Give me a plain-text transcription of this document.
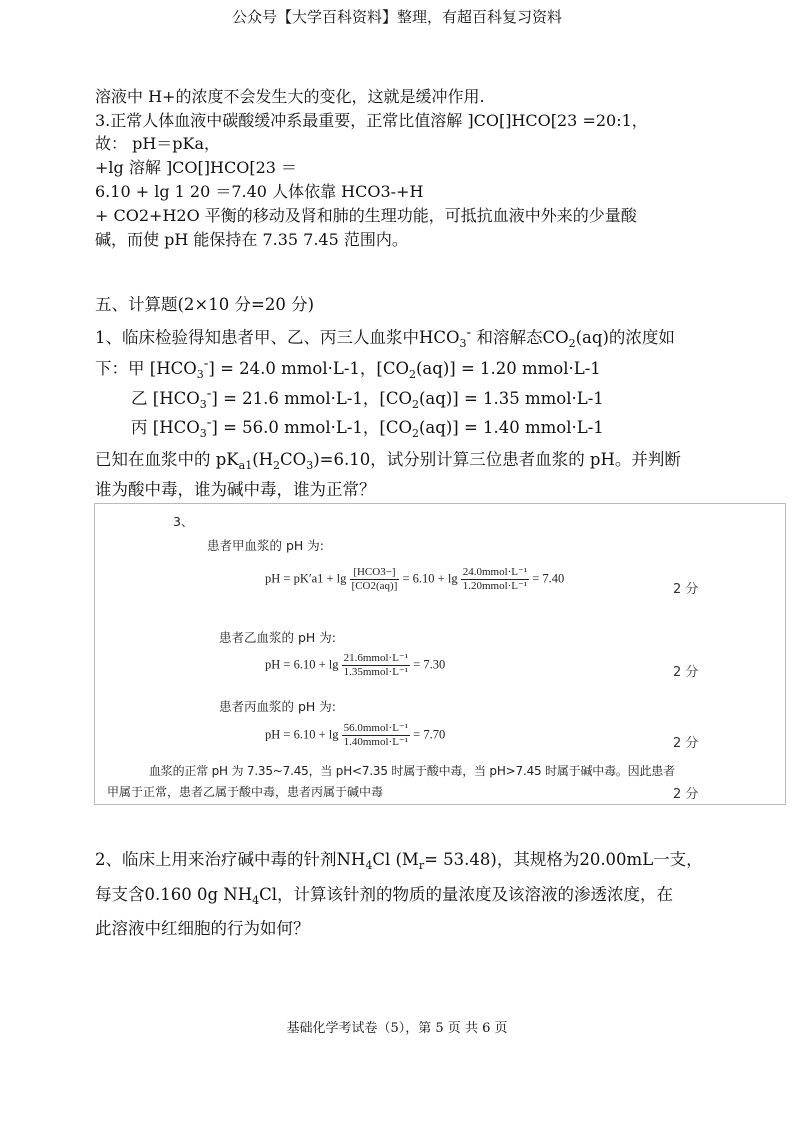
公众号【大学百科资料】整理，有超百科复习资料
溶液中 H+的浓度不会发生大的变化，这就是缓冲作用.
3.正常人体血液中碳酸缓冲系最重要，正常比值溶解 ]CO[]HCO[23 =20:1，
故： pH＝pKa，
+lg 溶解 ]CO[]HCO[23 ＝
6.10 + lg 1 20 ＝7.40 人体依靠 HCO3-+H
+ CO2+H2O 平衡的移动及肾和肺的生理功能，可抵抗血液中外来的少量酸
碱，而使 pH 能保持在 7.35 7.45 范围内。
五、计算题(2×10 分=20 分)
1、临床检验得知患者甲、乙、丙三人血浆中$HCO_3^-$ 和溶解态$CO_2(aq)$的浓度如
下：甲 $[HCO_3^-] = 24.0$ mmol·L-1，$[CO_2(aq)] = 1.20$ mmol·L-1
乙 $[HCO_3^-] = 21.6$ mmol·L-1，$[CO_2(aq)] = 1.35$ mmol·L-1
丙 $[HCO_3^-] = 56.0$ mmol·L-1，$[CO_2(aq)] = 1.40$ mmol·L-1
已知在血浆中的 $pK_{a1}(H_2CO_3)=6.10$，试分别计算三位患者血浆的 pH。并判断
谁为酸中毒，谁为碱中毒，谁为正常？
3、
患者甲血浆的 pH 为:
pH = $pK'a1 + \lg \frac{\text{[HCO3−]}}{[CO2(aq)]} = 6.10 + \lg \frac{\text{24.0mmol·L⁻¹}}{\text{1.20mmol·L⁻¹}} = 7.40$
2 分
患者乙血浆的 pH 为:
pH = $6.10 + \lg \frac{\text{21.6mmol·L⁻¹}}{\text{1.35mmol·L⁻¹}} = 7.30$
2 分
患者丙血浆的 pH 为:
pH = $6.10 + \lg \frac{\text{56.0mmol·L⁻¹}}{\text{1.40mmol·L⁻¹}} = 7.70$
2 分
血浆的正常 pH 为 7.35~7.45，当 pH<7.35 时属于酸中毒，当 pH>7.45 时属于碱中毒。因此患者
甲属于正常，患者乙属于酸中毒，患者丙属于碱中毒	2 分
2、临床上用来治疗碱中毒的针剂$NH_4Cl$ $(M_r= 53.48)$，其规格为20.00mL一支，
每支含0.160 0g $NH_4Cl$，计算该针剂的物质的量浓度及该溶液的渗透浓度，在
此溶液中红细胞的行为如何？
基础化学考试卷（5），第 5 页 共 6 页
